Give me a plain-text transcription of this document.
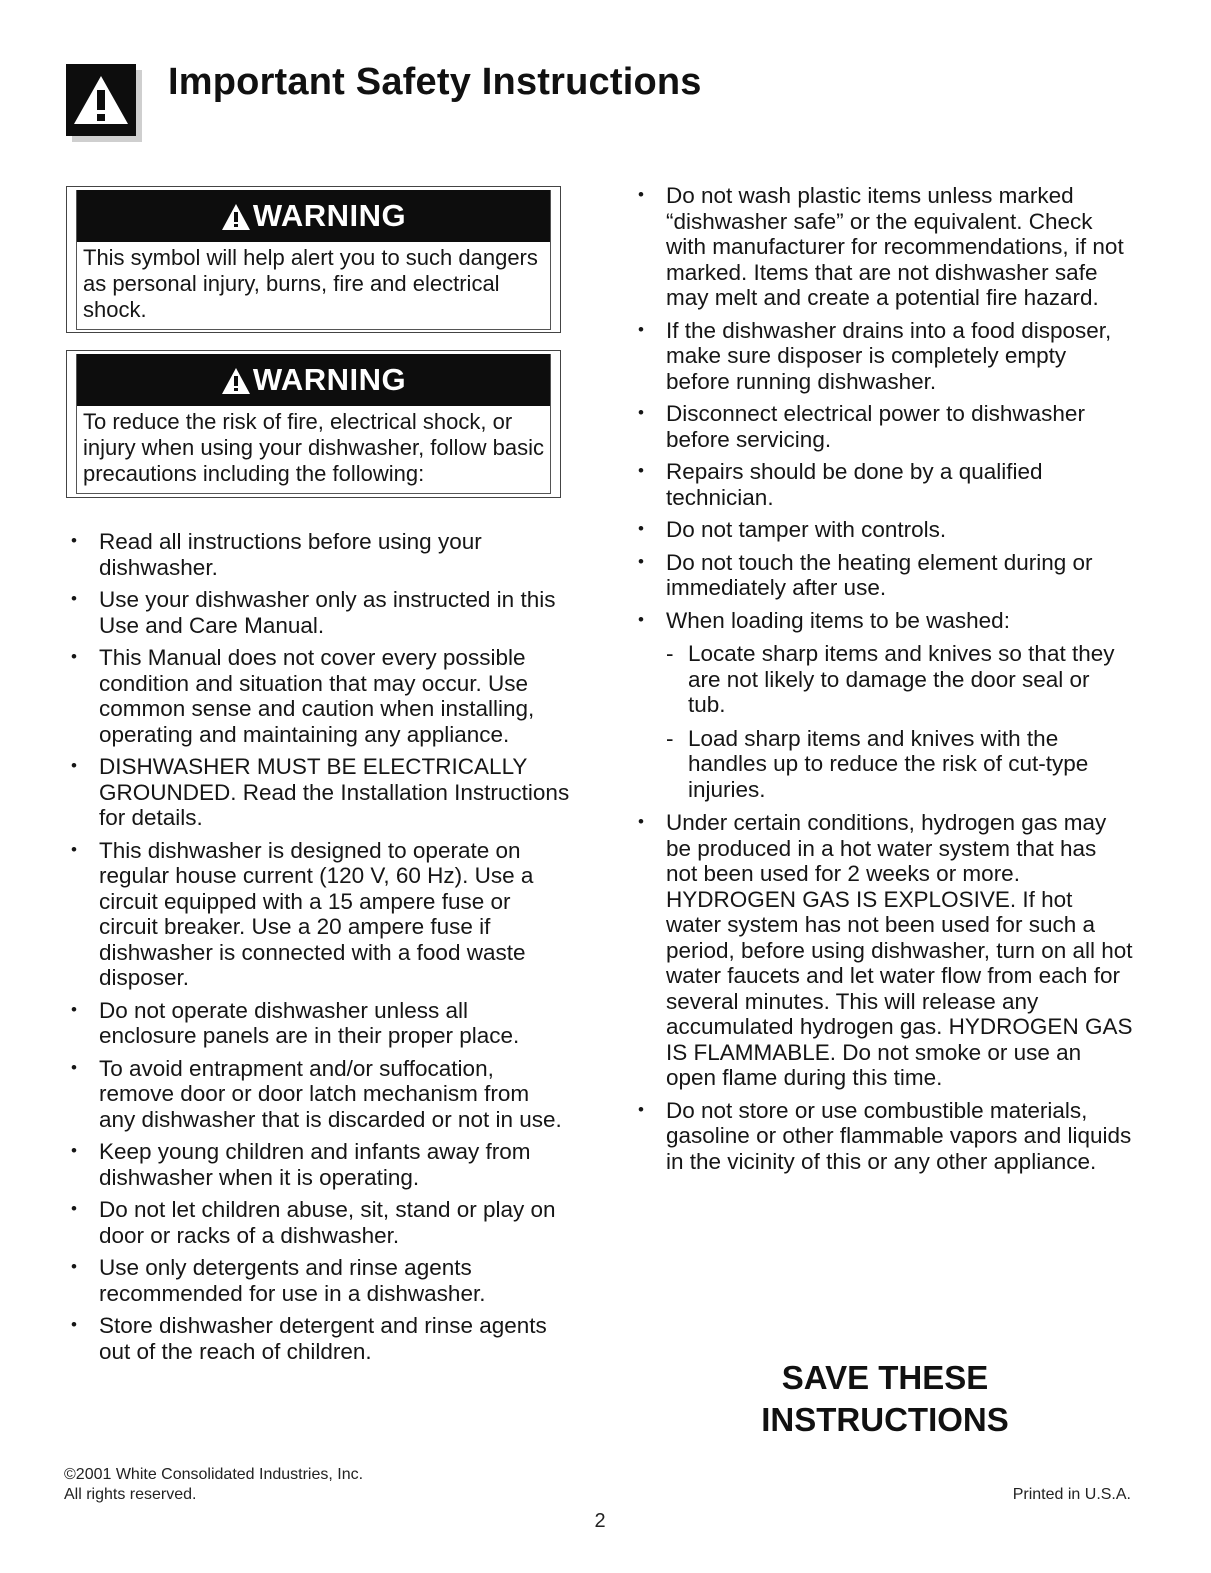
Important Safety Instructions
WARNING
This symbol will help alert you to such dangers as personal injury, burns, fire and electrical shock.
WARNING
To reduce the risk of fire, electrical shock, or injury when using your dishwasher, follow basic precautions including the following:
• Read all instructions before using your dishwasher.
• Use your dishwasher only as instructed in this Use and Care Manual.
• This Manual does not cover every possible condition and situation that may occur. Use common sense and caution when installing, operating and maintaining any appliance.
• DISHWASHER MUST BE ELECTRICALLY GROUNDED. Read the Installation Instructions for details.
• This dishwasher is designed to operate on regular house current (120 V, 60 Hz). Use a circuit equipped with a 15 ampere fuse or circuit breaker. Use a 20 ampere fuse if dishwasher is connected with a food waste disposer.
• Do not operate dishwasher unless all enclosure panels are in their proper place.
• To avoid entrapment and/or suffocation, remove door or door latch mechanism from any dishwasher that is discarded or not in use.
• Keep young children and infants away from dishwasher when it is operating.
• Do not let children abuse, sit, stand or play on door or racks of a dishwasher.
• Use only detergents and rinse agents recommended for use in a dishwasher.
• Store dishwasher detergent and rinse agents out of the reach of children.
• Do not wash plastic items unless marked “dishwasher safe” or the equivalent. Check with manufacturer for recommendations, if not marked. Items that are not dishwasher safe may melt and create a potential fire hazard.
• If the dishwasher drains into a food disposer, make sure disposer is completely empty before running dishwasher.
• Disconnect electrical power to dishwasher before servicing.
• Repairs should be done by a qualified technician.
• Do not tamper with controls.
• Do not touch the heating element during or immediately after use.
• When loading items to be washed:
- Locate sharp items and knives so that they are not likely to damage the door seal or tub.
- Load sharp items and knives with the handles up to reduce the risk of cut-type injuries.
• Under certain conditions, hydrogen gas may be produced in a hot water system that has not been used for 2 weeks or more. HYDROGEN GAS IS EXPLOSIVE. If hot water system has not been used for such a period, before using dishwasher, turn on all hot water faucets and let water flow from each for several minutes. This will release any accumulated hydrogen gas. HYDROGEN GAS IS FLAMMABLE. Do not smoke or use an open flame during this time.
• Do not store or use combustible materials, gasoline or other flammable vapors and liquids in the vicinity of this or any other appliance.
SAVE THESE
INSTRUCTIONS
©2001 White Consolidated Industries, Inc.
All rights reserved.	Printed in U.S.A.
2
